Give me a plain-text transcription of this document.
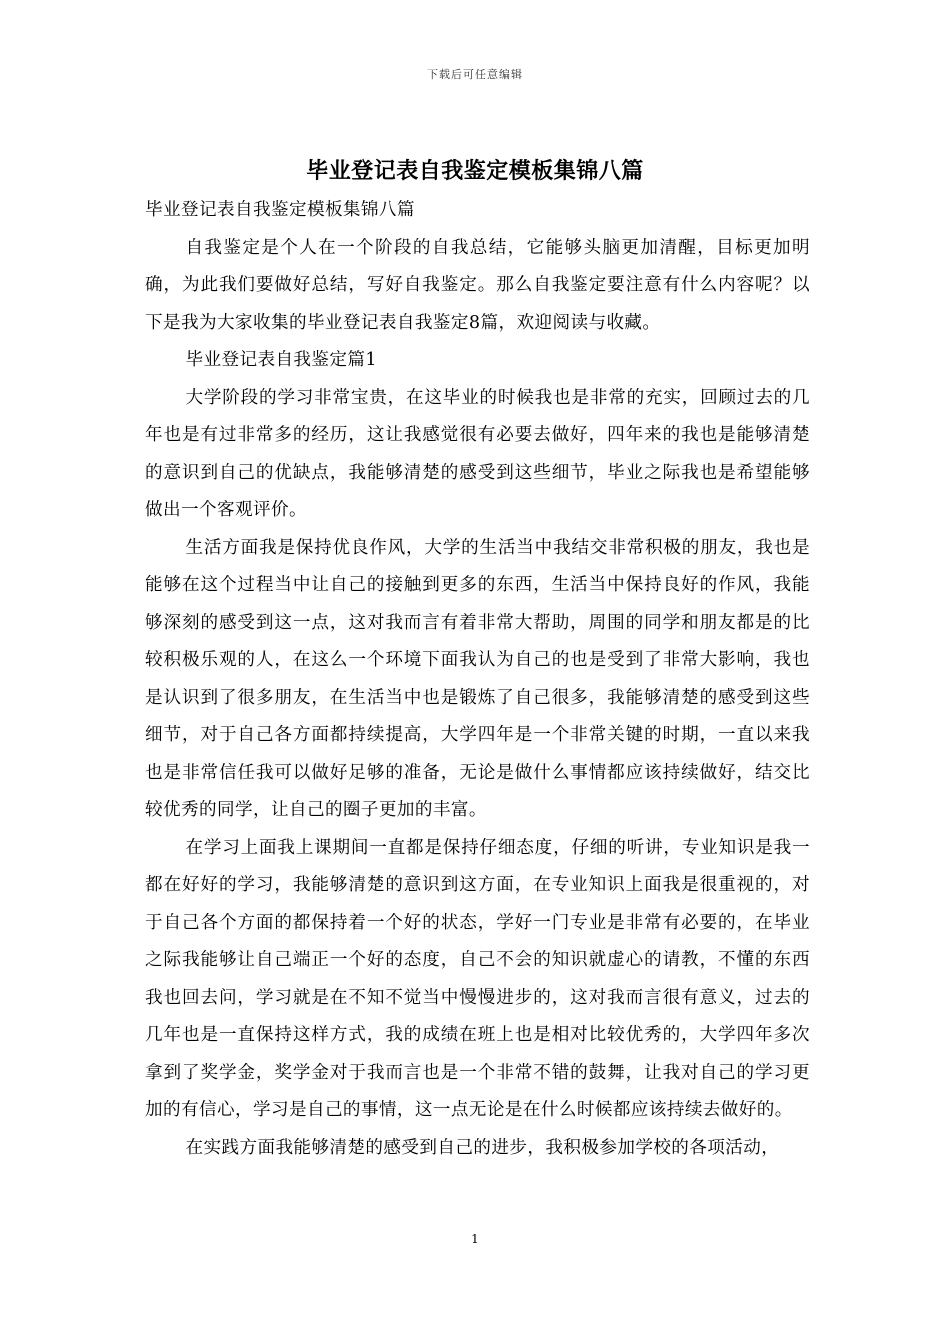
下载后可任意编辑
毕业登记表自我鉴定模板集锦八篇

毕业登记表自我鉴定模板集锦八篇

自我鉴定是个人在一个阶段的自我总结，它能够头脑更加清醒，目标更加明确，为此我们要做好总结，写好自我鉴定。那么自我鉴定要注意有什么内容呢？以下是我为大家收集的毕业登记表自我鉴定8篇，欢迎阅读与收藏。

毕业登记表自我鉴定篇1

大学阶段的学习非常宝贵，在这毕业的时候我也是非常的充实，回顾过去的几年也是有过非常多的经历，这让我感觉很有必要去做好，四年来的我也是能够清楚的意识到自己的优缺点，我能够清楚的感受到这些细节，毕业之际我也是希望能够做出一个客观评价。

生活方面我是保持优良作风，大学的生活当中我结交非常积极的朋友，我也是能够在这个过程当中让自己的接触到更多的东西，生活当中保持良好的作风，我能够深刻的感受到这一点，这对我而言有着非常大帮助，周围的同学和朋友都是的比较积极乐观的人，在这么一个环境下面我认为自己的也是受到了非常大影响，我也是认识到了很多朋友，在生活当中也是锻炼了自己很多，我能够清楚的感受到这些细节，对于自己各方面都持续提高，大学四年是一个非常关键的时期，一直以来我也是非常信任我可以做好足够的准备，无论是做什么事情都应该持续做好，结交比较优秀的同学，让自己的圈子更加的丰富。

在学习上面我上课期间一直都是保持仔细态度，仔细的听讲，专业知识是我一都在好好的学习，我能够清楚的意识到这方面，在专业知识上面我是很重视的，对于自己各个方面的都保持着一个好的状态，学好一门专业是非常有必要的，在毕业之际我能够让自己端正一个好的态度，自己不会的知识就虚心的请教，不懂的东西我也回去问，学习就是在不知不觉当中慢慢进步的，这对我而言很有意义，过去的几年也是一直保持这样方式，我的成绩在班上也是相对比较优秀的，大学四年多次拿到了奖学金，奖学金对于我而言也是一个非常不错的鼓舞，让我对自己的学习更加的有信心，学习是自己的事情，这一点无论是在什么时候都应该持续去做好的。

在实践方面我能够清楚的感受到自己的进步，我积极参加学校的各项活动，

1
